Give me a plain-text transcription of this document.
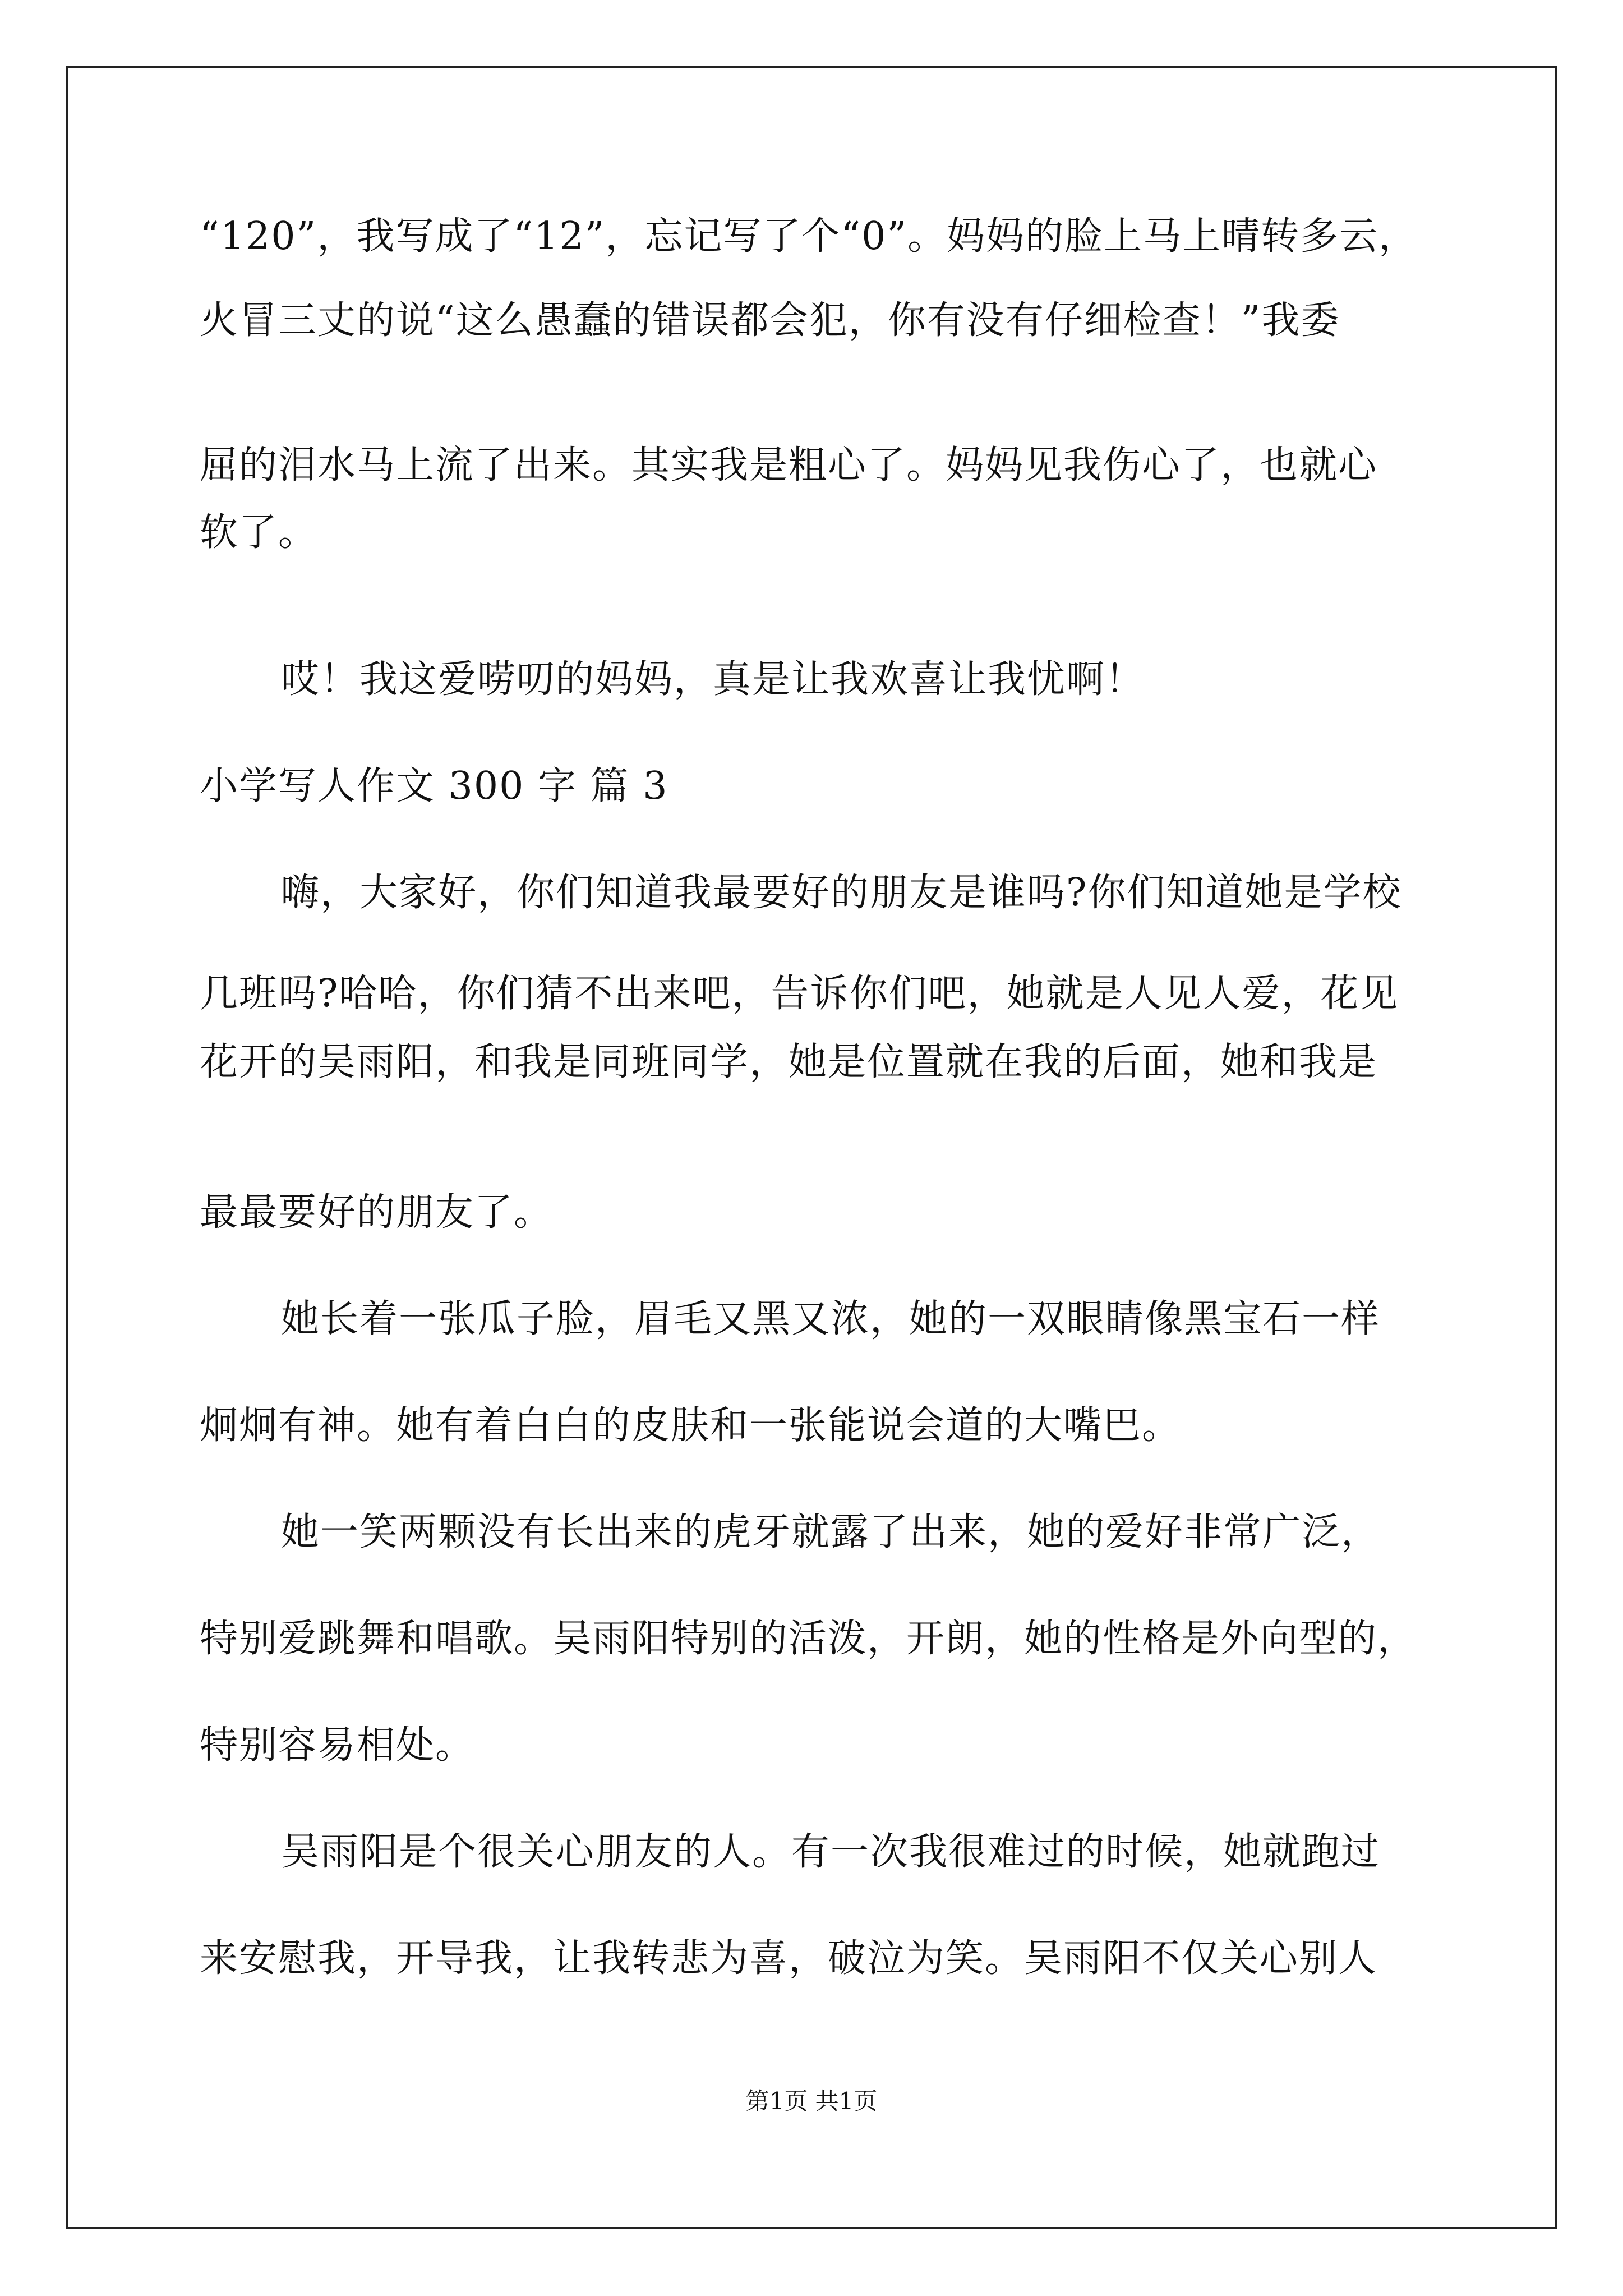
“120”，我写成了“12”，忘记写了个“0”。妈妈的脸上马上晴转多云，
火冒三丈的说“这么愚蠢的错误都会犯，你有没有仔细检查！”我委
屈的泪水马上流了出来。其实我是粗心了。妈妈见我伤心了，也就心
软了。
哎！我这爱唠叨的妈妈，真是让我欢喜让我忧啊！
小学写人作文 300 字 篇 3
嗨，大家好，你们知道我最要好的朋友是谁吗?你们知道她是学校
几班吗?哈哈，你们猜不出来吧，告诉你们吧，她就是人见人爱，花见
花开的吴雨阳，和我是同班同学，她是位置就在我的后面，她和我是
最最要好的朋友了。
她长着一张瓜子脸，眉毛又黑又浓，她的一双眼睛像黑宝石一样
炯炯有神。她有着白白的皮肤和一张能说会道的大嘴巴。
她一笑两颗没有长出来的虎牙就露了出来，她的爱好非常广泛，
特别爱跳舞和唱歌。吴雨阳特别的活泼，开朗，她的性格是外向型的，
特别容易相处。
吴雨阳是个很关心朋友的人。有一次我很难过的时候，她就跑过
来安慰我，开导我，让我转悲为喜，破泣为笑。吴雨阳不仅关心别人
第1页 共1页
